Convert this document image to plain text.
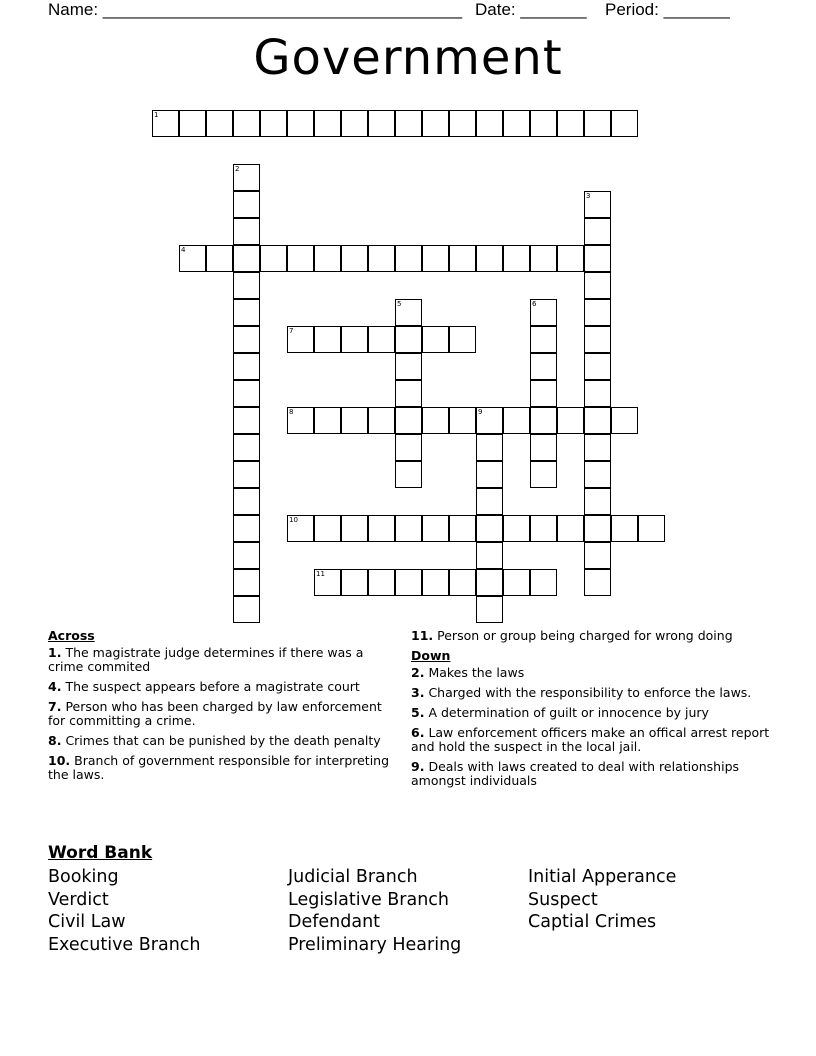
Name: ______________________________________ Date: _______ Period: _______
Government
1
2
3
4
5	6
7
8	9
10
11
Across
1. The magistrate judge determines if there was a crime commited
4. The suspect appears before a magistrate court
7. Person who has been charged by law enforcement for committing a crime.
8. Crimes that can be punished by the death penalty
10. Branch of government responsible for interpreting the laws.
11. Person or group being charged for wrong doing
Down
2. Makes the laws
3. Charged with the responsibility to enforce the laws.
5. A determination of guilt or innocence by jury
6. Law enforcement officers make an offical arrest report and hold the suspect in the local jail.
9. Deals with laws created to deal with relationships amongst individuals
Word Bank
Booking
Verdict
Civil Law
Executive Branch
Judicial Branch
Legislative Branch
Defendant
Preliminary Hearing
Initial Apperance
Suspect
Captial Crimes
